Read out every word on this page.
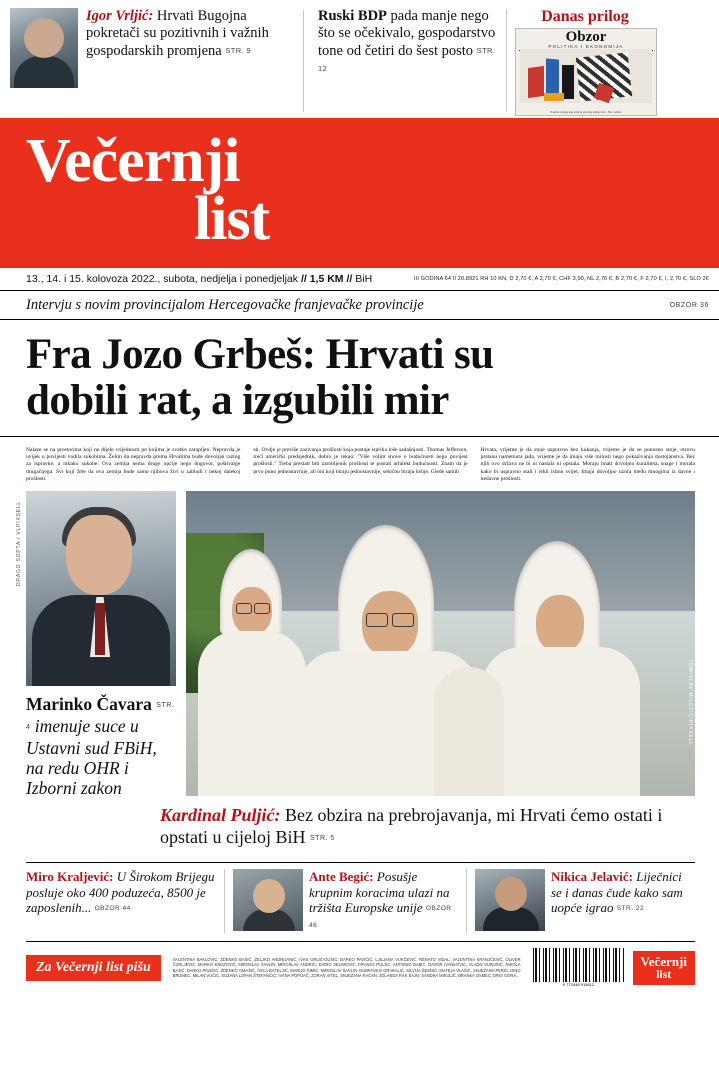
Igor Vrljić: Hrvati Bugojna pokretači su pozitivnih i važnih gospodarskih promjena STR. 9
Ruski BDP pada manje nego što se očekivalo, gospodarstvo tone od četiri do šest posto STR. 12
Danas prilog
Obzor
POLITIKA I EKONOMIJA
Posebno izdanje koje stiže uz subotnje izdanje lista / Foto: Arhiva
Večernji
list
13., 14. i 15. kolovoza 2022., subota, nedjelja i ponedjeljak // 1,5 KM // BiH	III GODINA 64 II 20.8921 RH 10 KN, D 2,70 €, A 2,70 €, CHF 3,90, NL 2,70 €, B 2,70 €, F 2,70 €, I, 2,70 €, SLO 2€
Intervju s novim provincijalom Hercegovačke franjevačke provincije	OBZOR 36
Fra Jozo Grbeš: Hrvati su
dobili rat, a izgubili mir
Nalaze se na prostorima koji ne dijele vrijednosti po kojima je svatko zatupljen. Nepravda je uvijek u povijesti vodila sukobima. Želim da nepravda prema Hrvatima bude dovoljan razlog za ispravke, a nikako sukobe. Ova zemlja nema druge opcije nego dogovor, poštivanje drugačijega. Svi koji žele da ova zemlja bude samo njihova živi u zabludi i nekoj dalekoj prošlosti.
sti. Ovdje je previše zazivanja prošlosti koja postaje isprika loše sadašnjosti. Thomas Jefferson, treći američki predsjednik, dobro je rekao: "Više volim snove o budućnosti nego povijest prošlosti." Treba prestati biti zarobljenik prošlosti te postati arhitekt budućnosti. Znam da je prvo puno jednostavnije, ali oni koji biraju jednostavnije, sebično biraju lošije. Glede samih
Hrvata, vrijeme je da stoje uspravno bez kukanja, vrijeme je da se ponosno stoje, otrovu prstanu nametnuta jada, vrijeme je da imaju više milosti nego pokazivanja dostojanstva. Bez njih ovo država ne bi ni nastala ni opstala. Moraju imati dovoljno kuraliteta, snage i morala kako bi uspravno stali i rekli istinu svijet. Imaju dovoljno uzora među mnogima iz davne i nedavne prošlosti.
DRAGO SOPTA / VLPIXSELL
Marinko Čavara STR. 4 imenuje suce u Ustavni sud FBiH, na redu OHR i Izborni zakon
TOMISLAV MILETIĆ/PIXSELL
Kardinal Puljić: Bez obzira na prebrojavanja, mi Hrvati ćemo ostati i opstati u cijeloj BiH STR. 5
Miro Kraljević: U Širokom Brijegu posluje oko 400 poduzeća, 8500 je zaposlenih... OBZOR 44
Ante Begić: Posušje krupnim koracima ulazi na tržišta Europske unije OBZOR 46
Nikica Jelavić: Liječnici se i danas čude kako sam uopće igrao STR. 22
Za Večernji list pišu	VALENTINA BAKLOVIĆ, ZDENKO BAŠIĆ, ŽELJKO ANDRIJANIĆ, IVAN GRLIĆ-GUŠIĆ, DARKO PAVIČIĆ, LJILJANA VUKČEVIĆ, RENATO VIDAL, VALENTINA KRANJČEVIĆ, OLIVER ČVRLJEVIĆ, MARKO KNEZOVIĆ, MIROSLAV ŠAVLIN, MIROSLAV ANDRIĆ, DARIO SELIMOVIĆ, FRANJO PULJIĆ, ANTONIO BABIĆ, DAVOR IVANKOVIĆ, VLADO VURUŠIĆ, NIKOLA BAJIĆ, DARKO PAVIČIĆ, ZDENKO OMAŠIĆ, IVICA BATELJIĆ, MARIJO ŠIMIĆ, MIROSLAV ŠAVLIN, DUBRAVKO GRAKALIĆ, SILVIJA ŠESNIĆ, MATEJA VLAŠIĆ, SNJEŽANA PERIĆ, DINO BRUMEC, MILAN VUČIĆ, SUZANA LEPAN ŠTEFANČIĆ, IVANA POPIJAČ, ZORAN VITEL, SNJEŽANA RAČAN, JOLANDA RAK ŠAJN, SANDRA MIKULIĆ, BRANKA OSMEC, DRIS GORA...
9 771848 915612
Večernji
list
